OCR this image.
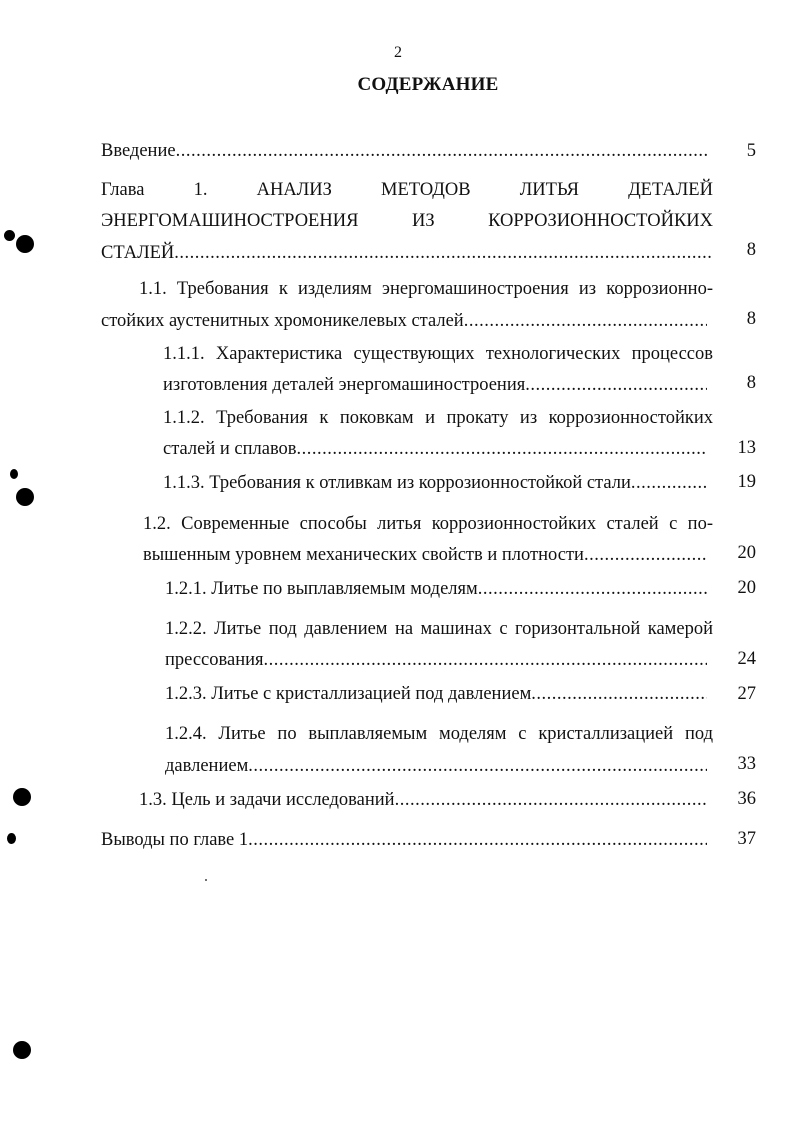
2
СОДЕРЖАНИЕ
Введение .....	5
Глава	1.	АНАЛИЗ	МЕТОДОВ	ЛИТЬЯ	ДЕТАЛЕЙ
ЭНЕРГОМАШИНОСТРОЕНИЯ	ИЗ	КОРРОЗИОННОСТОЙКИХ
СТАЛЕЙ .....	8
1.1. Требования к изделиям энергомашиностроения из коррозионно-
стойких аустенитных хромоникелевых сталей .....	8
1.1.1. Характеристика существующих технологических процессов
изготовления деталей энергомашиностроения .....	8
1.1.2. Требования к поковкам и прокату из коррозионностойких
сталей и сплавов .....	13
1.1.3. Требования к отливкам из коррозионностойкой стали .....	19
1.2. Современные способы литья коррозионностойких сталей с по-
вышенным уровнем механических свойств и плотности .....	20
1.2.1. Литье по выплавляемым моделям .....	20
1.2.2. Литье под давлением на машинах с горизонтальной камерой
прессования .....	24
1.2.3. Литье с кристаллизацией под давлением .....	27
1.2.4. Литье по выплавляемым моделям с кристаллизацией под
давлением .....	33
1.3. Цель и задачи исследований .....	36
Выводы по главе 1 .....	37
